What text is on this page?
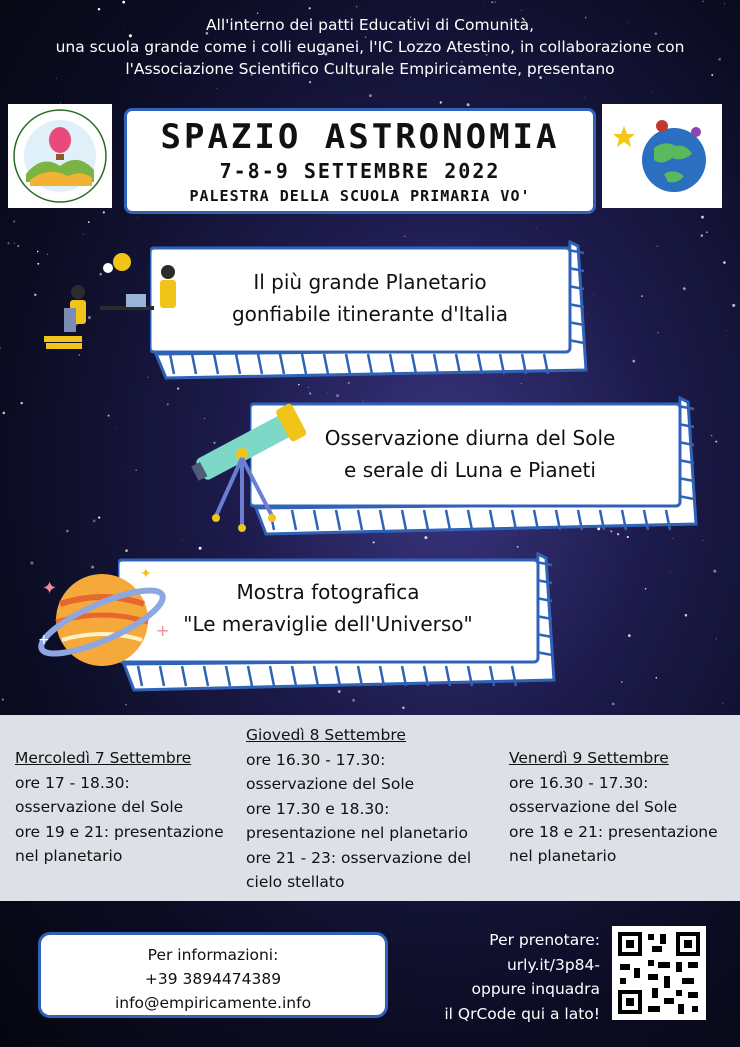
All'interno dei patti Educativi di Comunità,
una scuola grande come i colli euganei, l'IC Lozzo Atestino, in collaborazione con
l'Associazione Scientifico Culturale Empiricamente, presentano
SPAZIO ASTRONOMIA
7-8-9 SETTEMBRE 2022
PALESTRA DELLA SCUOLA PRIMARIA VO'
Il più grande Planetario
gonfiabile itinerante d'Italia
Osservazione diurna del Sole
e serale di Luna e Pianeti
Mostra fotografica
"Le meraviglie dell'Universo"
✦
+
+
✦
Mercoledì 7 Settembre
ore 17 - 18.30:
osservazione del Sole
ore 19 e 21: presentazione
nel planetario
Giovedì 8 Settembre
ore 16.30 - 17.30:
osservazione del Sole
ore 17.30 e 18.30:
presentazione nel planetario
ore 21 - 23: osservazione del
cielo stellato
Venerdì 9 Settembre
ore 16.30 - 17.30:
osservazione del Sole
ore 18 e 21: presentazione
nel planetario
Per informazioni:
+39 3894474389
info@empiricamente.info
Per prenotare:
urly.it/3p84-
oppure inquadra
il QrCode qui a lato!
